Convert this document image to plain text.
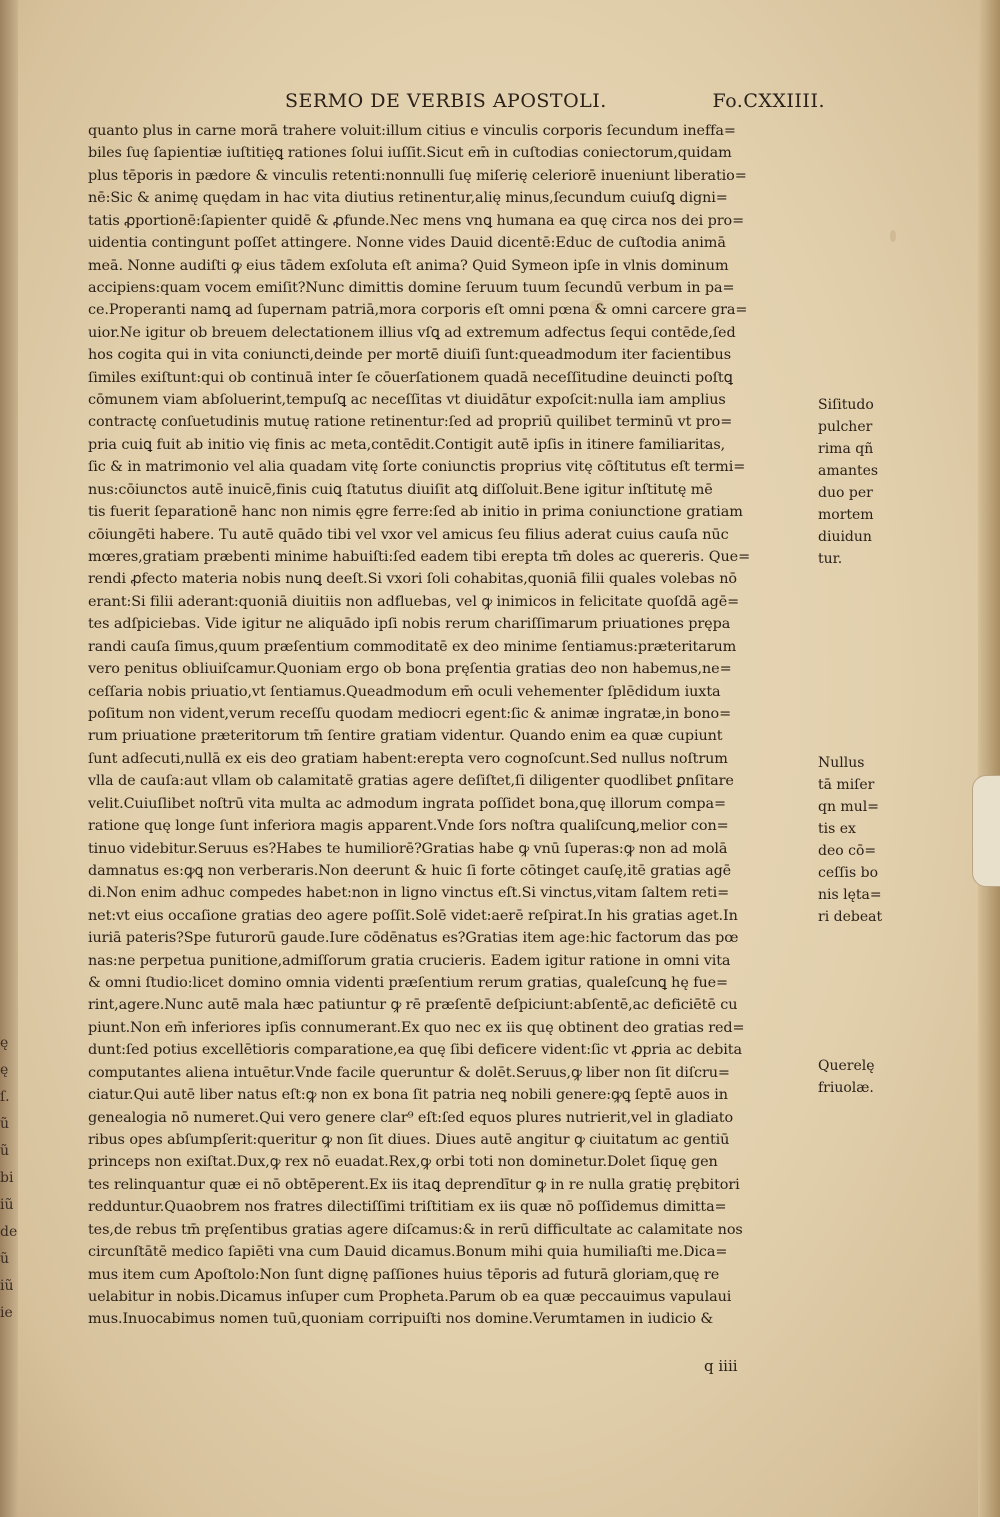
ę
ę
ſ.
ũ
ũ
bi
iũ
de
ũ
iũ
ie
SERMO DE VERBIS APOSTOLI.	Fo.CXXIIII.
quanto plus in carne morā trahere voluit:illum citius e vinculis corporis ſecundum ineffa=
biles ſuę ſapientiæ iuſtitięꝗ rationes ſolui iuſſit.Sicut em̄ in cuſtodias coniectorum,quidam
plus tēporis in pædore & vinculis retenti:nonnulli ſuę miſerię celeriorē inueniunt liberatio=
nē:Sic & animę quędam in hac vita diutius retinentur,alię minus,ſecundum cuiuſꝗ digni=
tatis ꝓportionē:ſapienter quidē & ꝓfunde.Nec mens vnꝗ humana ea quę circa nos dei pro=
uidentia contingunt poſſet attingere. Nonne vides Dauid dicentē:Educ de cuſtodia animā
meā. Nonne audiſti ꝙ eius tādem exſoluta eſt anima? Quid Symeon ipſe in vlnis dominum
accipiens:quam vocem emiſit?Nunc dimittis domine ſeruum tuum ſecundū verbum in pa=
ce.Properanti namꝗ ad ſupernam patriā,mora corporis eſt omni pœna & omni carcere gra=
uior.Ne igitur ob breuem delectationem illius vſꝗ ad extremum adfectus ſequi contēde,ſed
hos cogita qui in vita coniuncti,deinde per mortē diuiſi ſunt:queadmodum iter facientibus
ſimiles exiſtunt:qui ob continuā inter ſe cōuerſationem quadā neceſſitudine deuincti poſtꝗ
cōmunem viam abſoluerint,tempuſꝗ ac neceſſitas vt diuidātur expoſcit:nulla iam amplius
contractę conſuetudinis mutuę ratione retinentur:ſed ad propriū quilibet terminū vt pro=
pria cuiꝗ fuit ab initio vię finis ac meta,contēdit.Contigit autē ipſis in itinere familiaritas,
ſic & in matrimonio vel alia quadam vitę ſorte coniunctis proprius vitę cōſtitutus eſt termi=
nus:cōiunctos autē inuicē,finis cuiꝗ ſtatutus diuiſit atꝗ diſſoluit.Bene igitur inſtitutę mē
tis fuerit ſeparationē hanc non nimis ęgre ferre:ſed ab initio in prima coniunctione gratiam
cōiungēti habere. Tu autē quādo tibi vel vxor vel amicus ſeu filius aderat cuius cauſa nūc
mœres,gratiam præbenti minime habuiſti:ſed eadem tibi erepta tm̄ doles ac quereris. Que=
rendi ꝓfecto materia nobis nunꝗ deeſt.Si vxori ſoli cohabitas,quoniā filii quales volebas nō
erant:Si filii aderant:quoniā diuitiis non adfluebas, vel ꝙ inimicos in felicitate quoſdā agē=
tes adſpiciebas. Vide igitur ne aliquādo ipſi nobis rerum chariſſimarum priuationes prępa
randi cauſa ſimus,quum præſentium commoditatē ex deo minime ſentiamus:præteritarum
vero penitus obliuiſcamur.Quoniam ergo ob bona pręſentia gratias deo non habemus,ne=
ceſſaria nobis priuatio,vt ſentiamus.Queadmodum em̄ oculi vehementer ſplēdidum iuxta
poſitum non vident,verum receſſu quodam mediocri egent:ſic & animæ ingratæ,in bono=
rum priuatione præteritorum tm̄ ſentire gratiam videntur. Quando enim ea quæ cupiunt
ſunt adſecuti,nullā ex eis deo gratiam habent:erepta vero cognoſcunt.Sed nullus noſtrum
vlla de cauſa:aut vllam ob calamitatē gratias agere deſiſtet,ſi diligenter quodlibet ꝑnſitare
velit.Cuiuſlibet noſtrū vita multa ac admodum ingrata poſſidet bona,quę illorum compa=
ratione quę longe ſunt inferiora magis apparent.Vnde ſors noſtra qualiſcunꝗ,melior con=
tinuo videbitur.Seruus es?Habes te humiliorē?Gratias habe ꝙ vnū ſuperas:ꝙ non ad molā
damnatus es:ꝙꝗ non verberaris.Non deerunt & huic ſi forte cōtinget cauſę,itē gratias agē
di.Non enim adhuc compedes habet:non in ligno vinctus eſt.Si vinctus,vitam ſaltem reti=
net:vt eius occaſione gratias deo agere poſſit.Solē videt:aerē reſpirat.In his gratias aget.In
iuriā pateris?Spe futurorū gaude.Iure cōdēnatus es?Gratias item age:hic factorum das pœ
nas:ne perpetua punitione,admiſſorum gratia crucieris. Eadem igitur ratione in omni vita
& omni ſtudio:licet domino omnia videnti præſentium rerum gratias, qualeſcunꝗ hę fue=
rint,agere.Nunc autē mala hæc patiuntur ꝙ rē præſentē deſpiciunt:abſentē,ac deficiētē cu
piunt.Non em̄ inferiores ipſis connumerant.Ex quo nec ex iis quę obtinent deo gratias red=
dunt:ſed potius excellētioris comparatione,ea quę ſibi deficere vident:ſic vt ꝓpria ac debita
computantes aliena intuētur.Vnde facile queruntur & dolēt.Seruus,ꝙ liber non ſit diſcru=
ciatur.Qui autē liber natus eſt:ꝙ non ex bona ſit patria neꝗ nobili genere:ꝙꝗ ſeptē auos in
genealogia nō numeret.Qui vero genere clar⁹ eſt:ſed equos plures nutrierit,vel in gladiato
ribus opes abſumpſerit:queritur ꝙ non ſit diues. Diues autē angitur ꝙ ciuitatum ac gentiū
princeps non exiſtat.Dux,ꝙ rex nō euadat.Rex,ꝙ orbi toti non dominetur.Dolet ſiquę gen
tes relinquantur quæ ei nō obtēperent.Ex iis itaꝗ deprendītur ꝙ in re nulla gratię prębitori
redduntur.Quaobrem nos fratres dilectiſſimi triſtitiam ex iis quæ nō poſſidemus dimitta=
tes,de rebus tm̄ pręſentibus gratias agere diſcamus:& in rerū difficultate ac calamitate nos
circunſtātē medico ſapiēti vna cum Dauid dicamus.Bonum mihi quia humiliaſti me.Dica=
mus item cum Apoſtolo:Non ſunt dignę paſſiones huius tēporis ad futurā gloriam,quę re
uelabitur in nobis.Dicamus inſuper cum Propheta.Parum ob ea quæ peccauimus vapulaui
mus.Inuocabimus nomen tuū,quoniam corripuiſti nos domine.Verumtamen in iudicio &
Siſitudo
pulcher
rima qñ
amantes
duo per
mortem
diuidun
tur.
Nullus
tā miſer
qn mul=
tis ex
deo cō=
ceſſis bo
nis lęta=
ri debeat
Querelę
friuolæ.
q iiii
